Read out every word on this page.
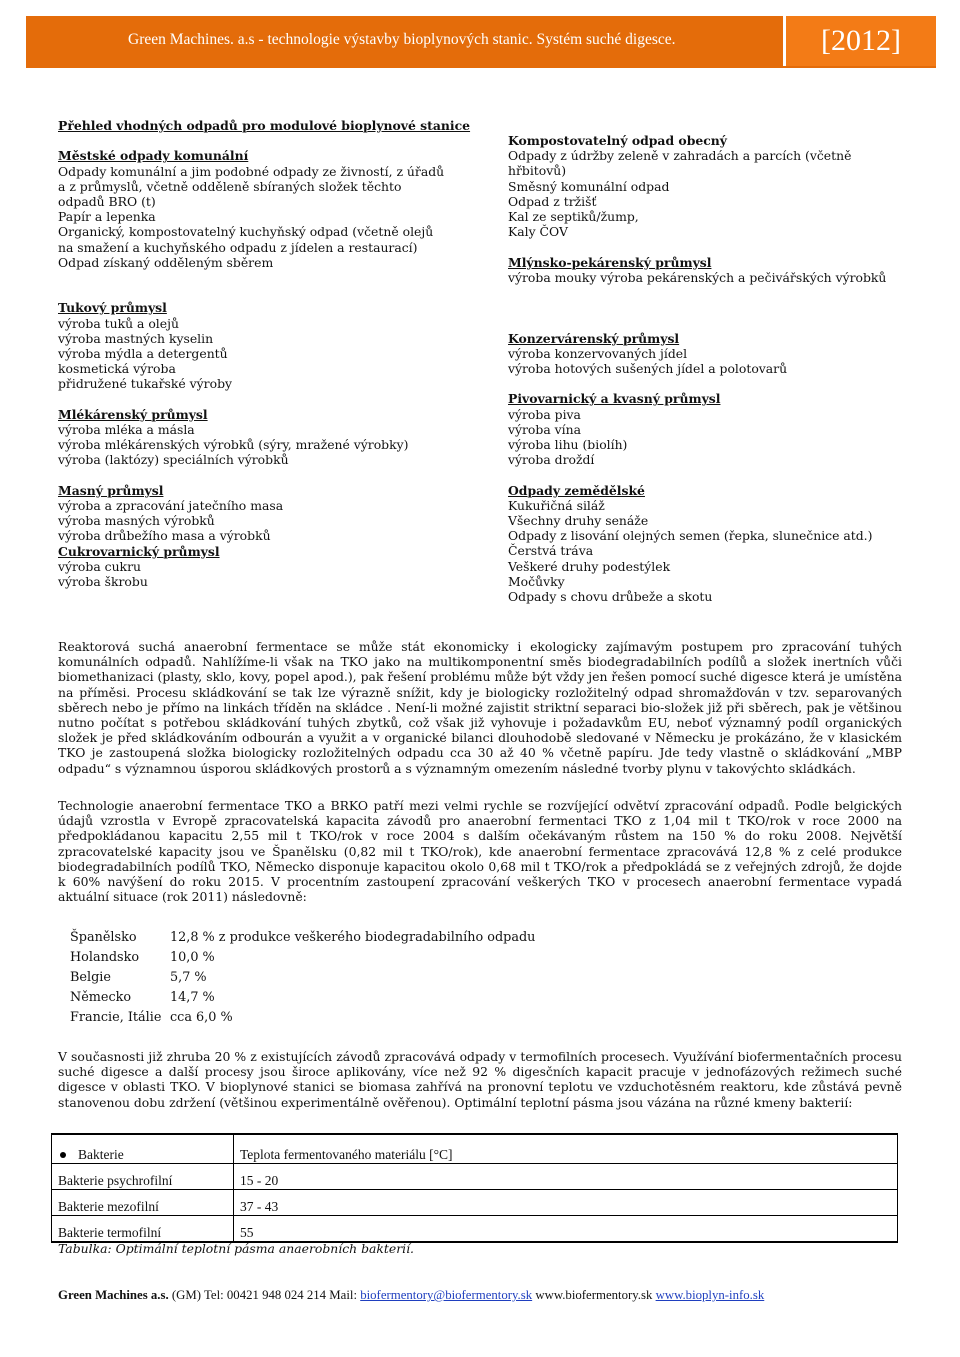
Green Machines. a.s - technologie výstavby bioplynových stanic. Systém suché digesce.	[2012]

Přehled vhodných odpadů pro modulové bioplynové stanice

Městské odpady komunální

Odpady komunální a jim podobné odpady ze živností, z úřadů

a z průmyslů, včetně odděleně sbíraných složek těchto

odpadů BRO (t)

Papír a lepenka

Organický, kompostovatelný kuchyňský odpad (včetně olejů

na smažení a kuchyňského odpadu z jídelen a restaurací)

Odpad získaný odděleným sběrem

Tukový průmysl

výroba tuků a olejů

výroba mastných kyselin

výroba mýdla a detergentů

kosmetická výroba

přidružené tukařské výroby

Mlékárenský průmysl

výroba mléka a másla

výroba mlékárenských výrobků (sýry, mražené výrobky)

výroba (laktózy) speciálních výrobků

Masný průmysl

výroba a zpracování jatečního masa

výroba masných výrobků

výroba drůbežího masa a výrobků

Cukrovarnický průmysl

výroba cukru

výroba škrobu

Kompostovatelný odpad obecný

Odpady z údržby zeleně v zahradách a parcích (včetně

hřbitovů)

Směsný komunální odpad

Odpad z tržišť

Kal ze septiků/žump,

Kaly ČOV

Mlýnsko-pekárenský průmysl

výroba mouky výroba pekárenských a pečivářských výrobků

Konzervárenský průmysl

výroba konzervovaných jídel

výroba hotových sušených jídel a polotovarů

Pivovarnický a kvasný průmysl

výroba piva

výroba vína

výroba lihu (biolíh)

výroba droždí

Odpady zemědělské

Kukuřičná siláž

Všechny druhy senáže

Odpady z lisování olejných semen (řepka, slunečnice atd.)

Čerstvá tráva

Veškeré druhy podestýlek

Močůvky

Odpady s chovu drůbeže a skotu

Reaktorová suchá anaerobní fermentace se může stát ekonomicky i ekologicky zajímavým postupem pro zpracování tuhých komunálních odpadů. Nahlížíme-li však na TKO jako na multikomponentní směs biodegradabilních podílů a složek inertních vůči biomethanizaci (plasty, sklo, kovy, popel apod.), pak řešení problému může být vždy jen řešen pomocí suché digesce která je umístěna na příměsi. Procesu skládkování se tak lze výrazně snížit, kdy je biologicky rozložitelný odpad shromažďován v tzv. separovaných sběrech nebo je přímo na linkách tříděn na skládce . Není-li možné zajistit striktní separaci bio-složek již při sběrech, pak je většinou nutno počítat s potřebou skládkování tuhých zbytků, což však již vyhovuje i požadavkům EU, neboť významný podíl organických složek je před skládkováním odbourán a využit a v organické bilanci dlouhodobě sledované v Německu je prokázáno, že v klasickém TKO je zastoupená složka biologicky rozložitelných odpadu cca 30 až 40 % včetně papíru. Jde tedy vlastně o skládkování „MBP odpadu“ s významnou úsporou skládkových prostorů a s významným omezením následné tvorby plynu v takovýchto skládkách.

Technologie anaerobní fermentace TKO a BRKO patří mezi velmi rychle se rozvíjející odvětví zpracování odpadů. Podle belgických údajů vzrostla v Evropě zpracovatelská kapacita závodů pro anaerobní fermentaci TKO z 1,04 mil t TKO/rok v roce 2000 na předpokládanou kapacitu 2,55 mil t TKO/rok v roce 2004 s dalším očekávaným růstem na 150 % do roku 2008. Největší zpracovatelské kapacity jsou ve Španělsku (0,82 mil t TKO/rok), kde anaerobní fermentace zpracovává 12,8 % z celé produkce biodegradabilních podílů TKO, Německo disponuje kapacitou okolo 0,68 mil t TKO/rok a předpokládá se z veřejných zdrojů, že dojde k 60% navýšení do roku 2015. V procentním zastoupení zpracování veškerých TKO v procesech anaerobní fermentace vypadá aktuální situace (rok 2011) následovně:

Španělsko	12,8 % z produkce veškerého biodegradabilního odpadu
Holandsko	10,0 %
Belgie	5,7 %
Německo	14,7 %
Francie, Itálie	cca 6,0 %

V současnosti již zhruba 20 % z existujících závodů zpracovává odpady v termofilních procesech. Využívání biofermentačních procesu suché digesce a další procesy jsou široce aplikovány, více než 92 % digesčních kapacit pracuje v jednofázových režimech suché digesce v oblasti TKO. V bioplynové stanici se biomasa zahřívá na pronovní teplotu ve vzduchotěsném reaktoru, kde zůstává pevně stanovenou dobu zdržení (většinou experimentálně ověřenou). Optimální teplotní pásma jsou vázána na různé kmeny bakterií:

Bakterie	Teplota fermentovaného materiálu [°C]
Bakterie psychrofilní	15 - 20
Bakterie mezofilní	37 - 43
Bakterie termofilní	55

Tabulka: Optimální teplotní pásma anaerobních bakterií.

Green Machines a.s. (GM) Tel: 00421 948 024 214 Mail: biofermentory@biofermentory.sk www.biofermentory.sk www.bioplyn-info.sk
